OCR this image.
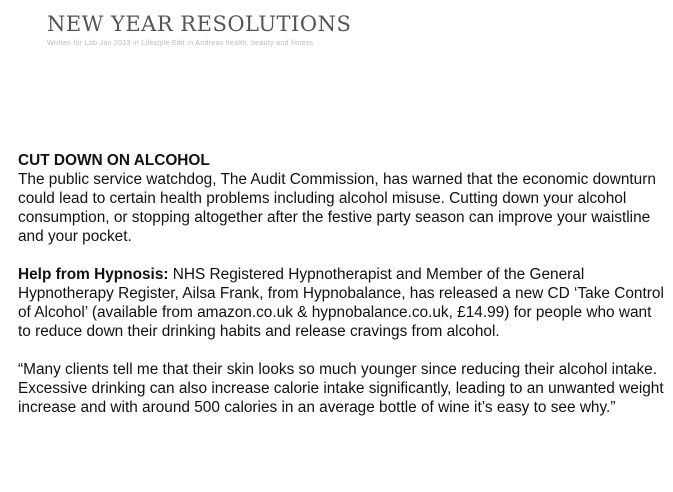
NEW YEAR RESOLUTIONS
Written for Lab Jan 2013 in Lifestyle Edit in Andreas health, beauty and fitness
CUT DOWN ON ALCOHOL

The public service watchdog, The Audit Commission, has warned that the economic downturn could lead to certain health problems including alcohol misuse. Cutting down your alcohol consumption, or stopping altogether after the festive party season can improve your waistline and your pocket.

Help from Hypnosis: NHS Registered Hypnotherapist and Member of the General Hypnotherapy Register, Ailsa Frank, from Hypnobalance, has released a new CD ‘Take Control of Alcohol’ (available from amazon.co.uk & hypnobalance.co.uk, £14.99) for people who want to reduce down their drinking habits and release cravings from alcohol.

“Many clients tell me that their skin looks so much younger since reducing their alcohol intake. Excessive drinking can also increase calorie intake significantly, leading to an unwanted weight increase and with around 500 calories in an average bottle of wine it’s easy to see why.”
